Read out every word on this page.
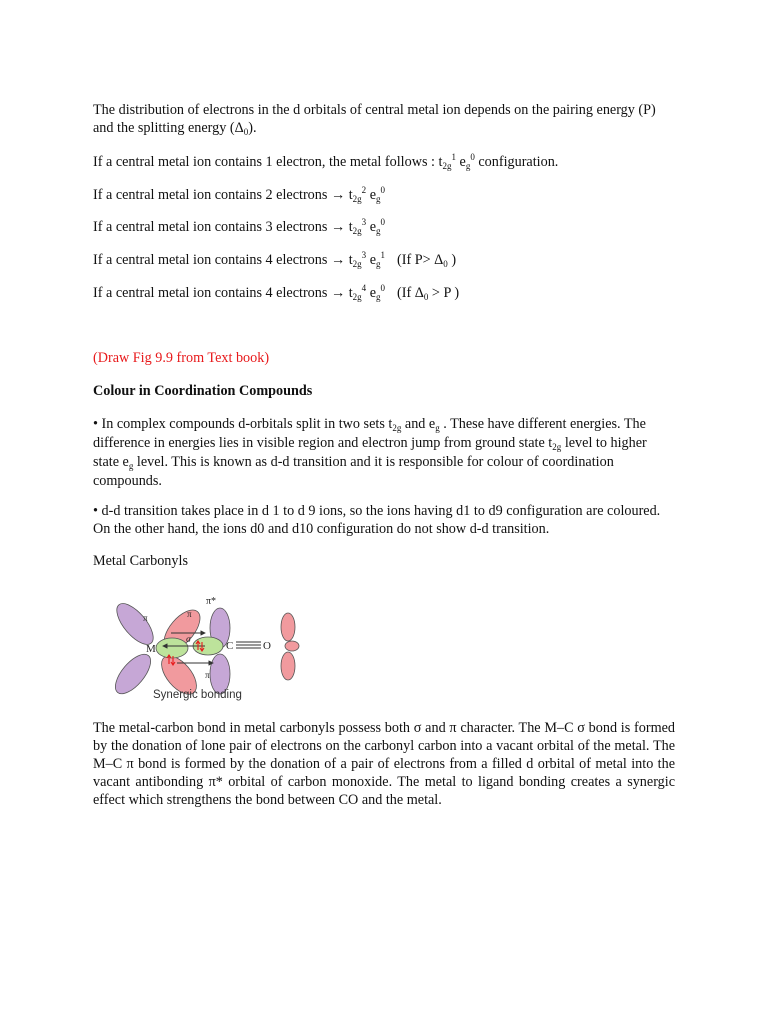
The distribution of electrons in the d orbitals of central metal ion depends on the pairing energy (P) and the splitting energy $(\Delta_0)$.

If a central metal ion contains 1 electron, the metal follows : $t_{2g}^1$ $e_g^0$ configuration.

If a central metal ion contains 2 electrons → $t_{2g}^2$ $e_g^0$

If a central metal ion contains 3 electrons → $t_{2g}^3$ $e_g^0$

If a central metal ion contains 4 electrons → $t_{2g}^3$ $e_g^1$ (If $P> \Delta_0$ )

If a central metal ion contains 4 electrons → $t_{2g}^4$ $e_g^0$ (If $\Delta_0 > P$ )

(Draw Fig 9.9 from Text book)

Colour in Coordination Compounds

• In complex compounds d-orbitals split in two sets $t_{2g}$ and $e_g$ . These have different energies. The difference in energies lies in visible region and electron jump from ground state $t_{2g}$ level to higher state $e_g$ level. This is known as d-d transition and it is responsible for colour of coordination compounds.

• d-d transition takes place in d 1 to d 9 ions, so the ions having d1 to d9 configuration are coloured. On the other hand, the ions d0 and d10 configuration do not show d-d transition.

Metal Carbonyls

π*
π	π
σ
π
M	C	O
Synergic bonding

The metal-carbon bond in metal carbonyls possess both σ and π character. The M–C σ bond is formed by the donation of lone pair of electrons on the carbonyl carbon into a vacant orbital of the metal. The M–C π bond is formed by the donation of a pair of electrons from a filled d orbital of metal into the vacant antibonding π* orbital of carbon monoxide. The metal to ligand bonding creates a synergic effect which strengthens the bond between CO and the metal.
